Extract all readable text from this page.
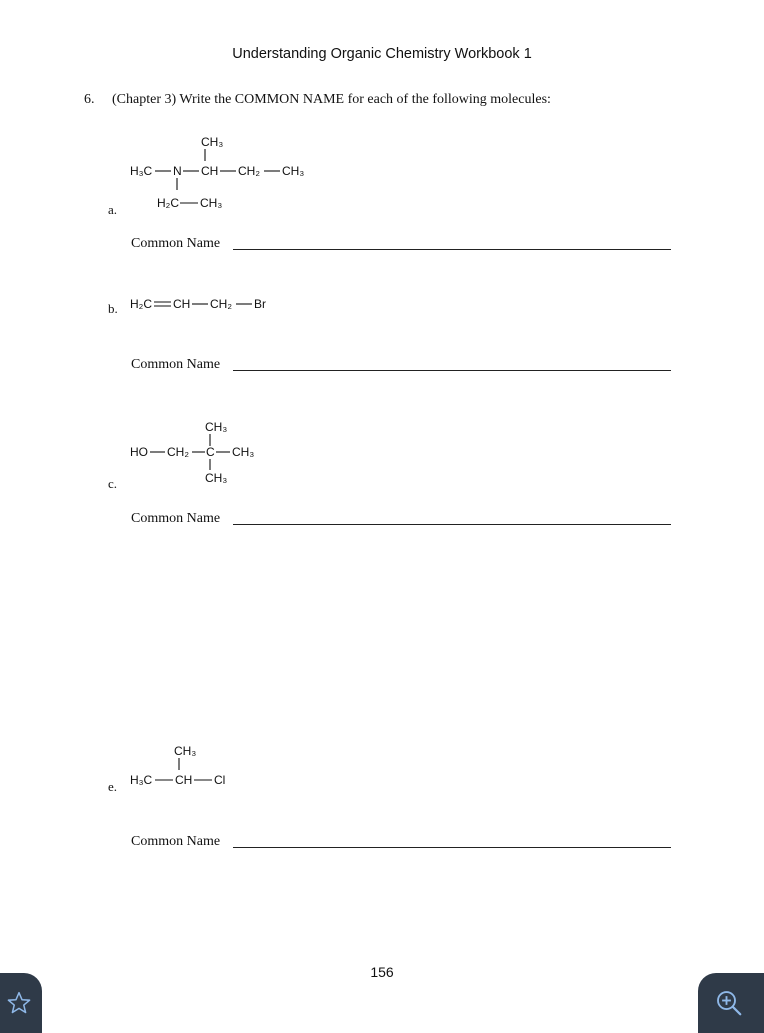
Understanding Organic Chemistry Workbook 1
6. (Chapter 3) Write the COMMON NAME for each of the following molecules:
CH₃
H₃C N CH CH₂ CH₃
H₂C CH₃
a.
Common Name
b. H₂C CH CH₂ Br
Common Name
CH₃
HO CH₂ C CH₃
CH₃
c.
Common Name
CH₃
H₃C CH Cl
e.
Common Name
156
